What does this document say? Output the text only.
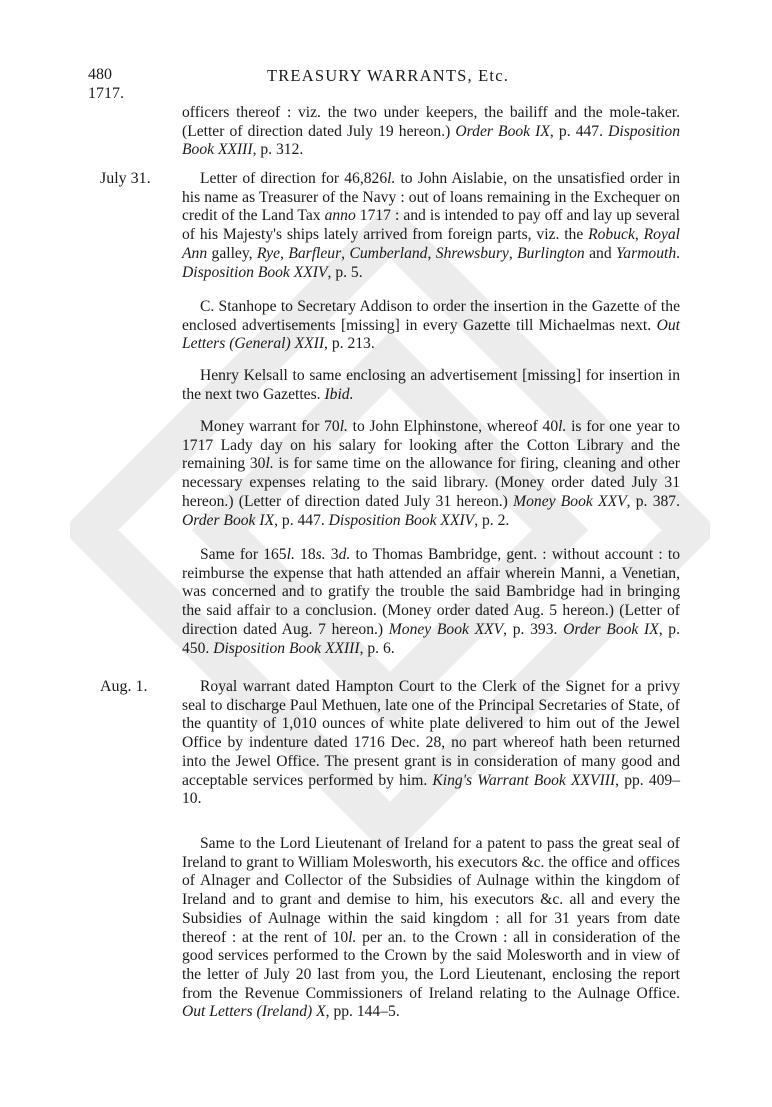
480	TREASURY WARRANTS, Etc.
1717.

officers thereof : viz. the two under keepers, the bailiff and the mole-taker. (Letter of direction dated July 19 hereon.) Order Book IX, p. 447. Disposition Book XXIII, p. 312.

July 31.	Letter of direction for 46,826l. to John Aislabie, on the unsatisfied order in his name as Treasurer of the Navy : out of loans remaining in the Exchequer on credit of the Land Tax anno 1717 : and is intended to pay off and lay up several of his Majesty's ships lately arrived from foreign parts, viz. the Robuck, Royal Ann galley, Rye, Barfleur, Cumberland, Shrewsbury, Burlington and Yarmouth. Disposition Book XXIV, p. 5.

C. Stanhope to Secretary Addison to order the insertion in the Gazette of the enclosed advertisements [missing] in every Gazette till Michaelmas next. Out Letters (General) XXII, p. 213.

Henry Kelsall to same enclosing an advertisement [missing] for insertion in the next two Gazettes. Ibid.

Money warrant for 70l. to John Elphinstone, whereof 40l. is for one year to 1717 Lady day on his salary for looking after the Cotton Library and the remaining 30l. is for same time on the allowance for firing, cleaning and other necessary expenses relating to the said library. (Money order dated July 31 hereon.) (Letter of direction dated July 31 hereon.) Money Book XXV, p. 387. Order Book IX, p. 447. Disposition Book XXIV, p. 2.

Same for 165l. 18s. 3d. to Thomas Bambridge, gent. : without account : to reimburse the expense that hath attended an affair wherein Manni, a Venetian, was concerned and to gratify the trouble the said Bambridge had in bringing the said affair to a conclusion. (Money order dated Aug. 5 hereon.) (Letter of direction dated Aug. 7 hereon.) Money Book XXV, p. 393. Order Book IX, p. 450. Disposition Book XXIII, p. 6.

Aug. 1.	Royal warrant dated Hampton Court to the Clerk of the Signet for a privy seal to discharge Paul Methuen, late one of the Principal Secretaries of State, of the quantity of 1,010 ounces of white plate delivered to him out of the Jewel Office by indenture dated 1716 Dec. 28, no part whereof hath been returned into the Jewel Office. The present grant is in consideration of many good and acceptable services performed by him. King's Warrant Book XXVIII, pp. 409–10.

Same to the Lord Lieutenant of Ireland for a patent to pass the great seal of Ireland to grant to William Molesworth, his executors &c. the office and offices of Alnager and Collector of the Subsidies of Aulnage within the kingdom of Ireland and to grant and demise to him, his executors &c. all and every the Subsidies of Aulnage within the said kingdom : all for 31 years from date thereof : at the rent of 10l. per an. to the Crown : all in consideration of the good services performed to the Crown by the said Molesworth and in view of the letter of July 20 last from you, the Lord Lieutenant, enclosing the report from the Revenue Commissioners of Ireland relating to the Aulnage Office. Out Letters (Ireland) X, pp. 144–5.
